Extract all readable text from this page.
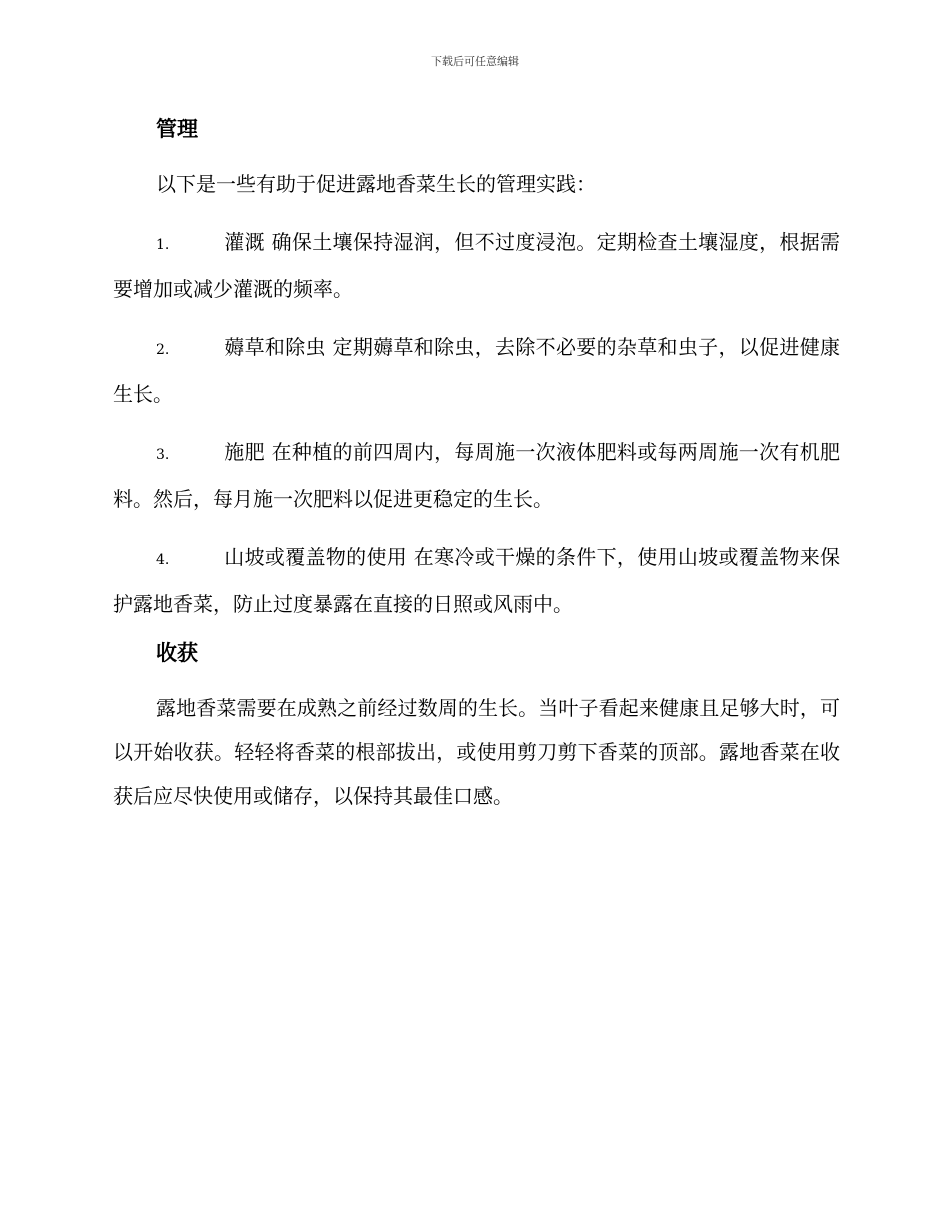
下载后可任意编辑
管理

以下是一些有助于促进露地香菜生长的管理实践：

1.	灌溉 确保土壤保持湿润，但不过度浸泡。定期检查土壤湿度，根据需要增加或减少灌溉的频率。

2.	薅草和除虫 定期薅草和除虫，去除不必要的杂草和虫子，以促进健康生长。

3.	施肥 在种植的前四周内，每周施一次液体肥料或每两周施一次有机肥料。然后，每月施一次肥料以促进更稳定的生长。

4.	山坡或覆盖物的使用 在寒冷或干燥的条件下，使用山坡或覆盖物来保护露地香菜，防止过度暴露在直接的日照或风雨中。

收获

露地香菜需要在成熟之前经过数周的生长。当叶子看起来健康且足够大时，可以开始收获。轻轻将香菜的根部拔出，或使用剪刀剪下香菜的顶部。露地香菜在收获后应尽快使用或储存，以保持其最佳口感。
